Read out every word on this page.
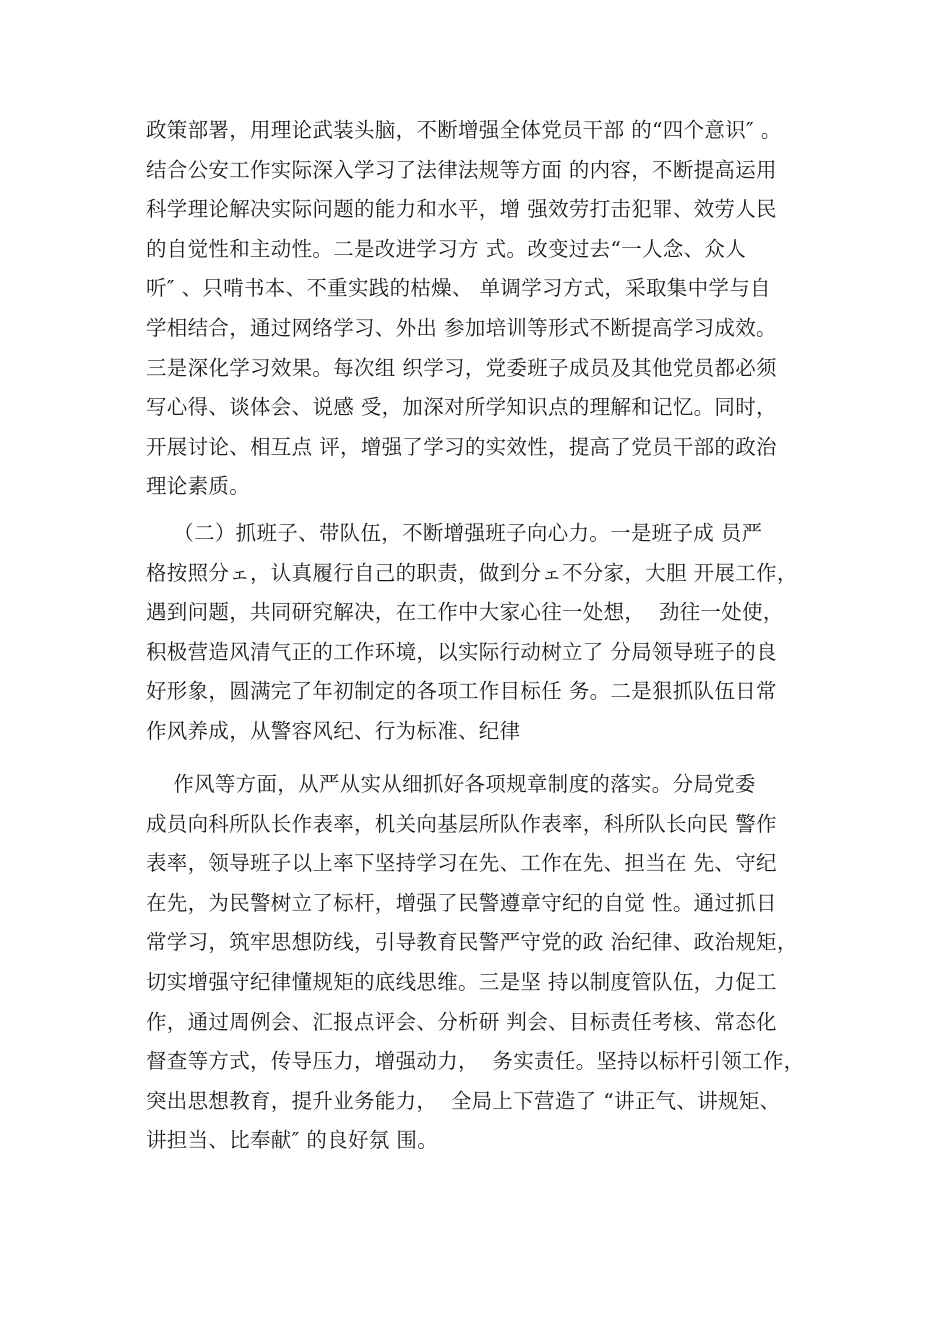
政策部署，用理论武装头脑，不断增强全体党员干部 的“四个意识″ 。
结合公安工作实际深入学习了法律法规等方面 的内容，不断提高运用
科学理论解决实际问题的能力和水平，增 强效劳打击犯罪、效劳人民
的自觉性和主动性。二是改进学习方 式。改变过去“一人念、众人
听″ 、只啃书本、不重实践的枯燥、 单调学习方式，采取集中学与自
学相结合，通过网络学习、外出 参加培训等形式不断提高学习成效。
三是深化学习效果。每次组 织学习，党委班子成员及其他党员都必须
写心得、谈体会、说感 受，加深对所学知识点的理解和记忆。同时，
开展讨论、相互点 评，增强了学习的实效性，提高了党员干部的政治
理论素质。
（二）抓班子、带队伍，不断增强班子向心力。一是班子成 员严
格按照分ェ，认真履行自己的职责，做到分ェ不分家，大胆 开展工作，
遇到问题，共同研究解决，在工作中大家心往一处想，  劲往一处使，
积极营造风清气正的工作环境，以实际行动树立了 分局领导班子的良
好形象，圆满完了年初制定的各项工作目标任 务。二是狠抓队伍日常
作风养成，从警容风纪、行为标准、纪律
作风等方面，从严从实从细抓好各项规章制度的落实。分局党委
成员向科所队长作表率，机关向基层所队作表率，科所队长向民 警作
表率，领导班子以上率下坚持学习在先、工作在先、担当在 先、守纪
在先，为民警树立了标杆，增强了民警遵章守纪的自觉 性。通过抓日
常学习，筑牢思想防线，引导教育民警严守党的政 治纪律、政治规矩，
切实增强守纪律懂规矩的底线思维。三是坚 持以制度管队伍，力促工
作，通过周例会、汇报点评会、分析研 判会、目标责任考核、常态化
督查等方式，传导压力，增强动力，  务实责任。坚持以标杆引领工作，
突出思想教育，提升业务能力，  全局上下营造了 “讲正气、讲规矩、
讲担当、比奉献″ 的良好氛 围。
